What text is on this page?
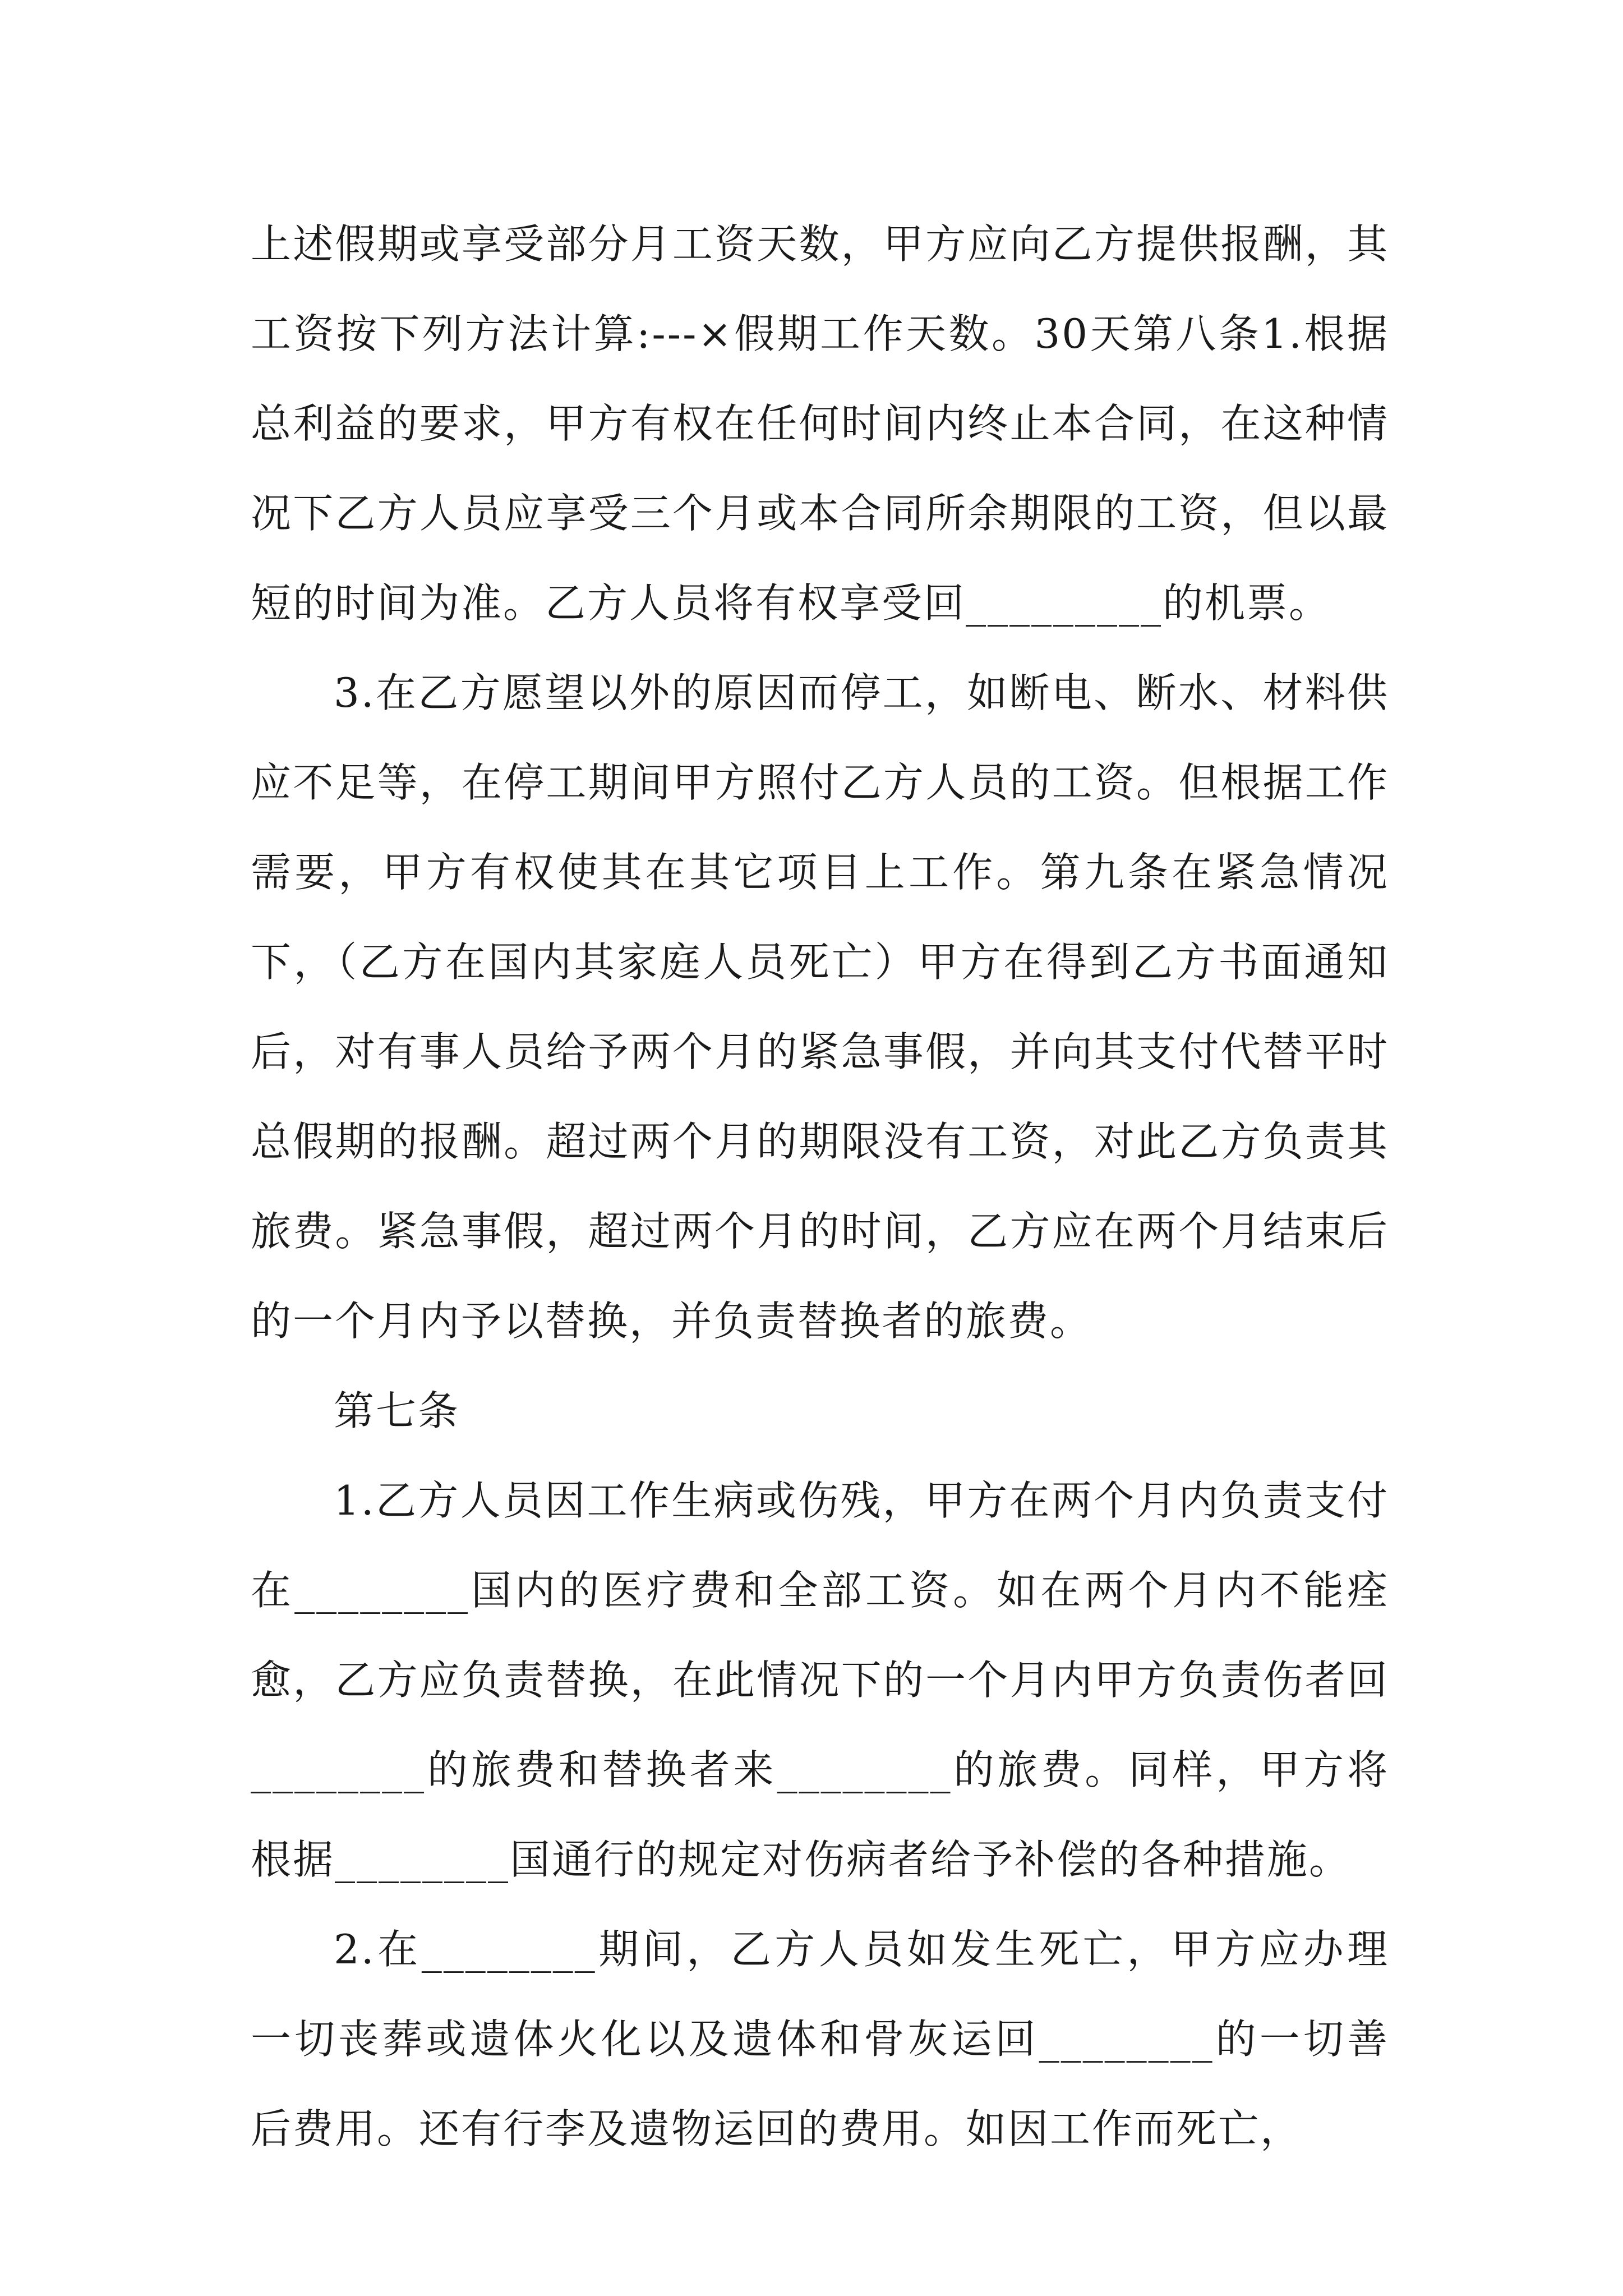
上述假期或享受部分月工资天数，甲方应向乙方提供报酬，其工资按下列方法计算:---×假期工作天数。30天第八条1.根据总利益的要求，甲方有权在任何时间内终止本合同，在这种情况下乙方人员应享受三个月或本合同所余期限的工资，但以最短的时间为准。乙方人员将有权享受回_________的机票。

3.在乙方愿望以外的原因而停工，如断电、断水、材料供应不足等，在停工期间甲方照付乙方人员的工资。但根据工作需要，甲方有权使其在其它项目上工作。第九条在紧急情况下，（乙方在国内其家庭人员死亡）甲方在得到乙方书面通知后，对有事人员给予两个月的紧急事假，并向其支付代替平时总假期的报酬。超过两个月的期限没有工资，对此乙方负责其旅费。紧急事假，超过两个月的时间，乙方应在两个月结束后的一个月内予以替换，并负责替换者的旅费。

第七条

1.乙方人员因工作生病或伤残，甲方在两个月内负责支付在________国内的医疗费和全部工资。如在两个月内不能痊愈，乙方应负责替换，在此情况下的一个月内甲方负责伤者回________的旅费和替换者来________的旅费。同样，甲方将根据________国通行的规定对伤病者给予补偿的各种措施。

2.在________期间，乙方人员如发生死亡，甲方应办理一切丧葬或遗体火化以及遗体和骨灰运回________的一切善后费用。还有行李及遗物运回的费用。如因工作而死亡，
